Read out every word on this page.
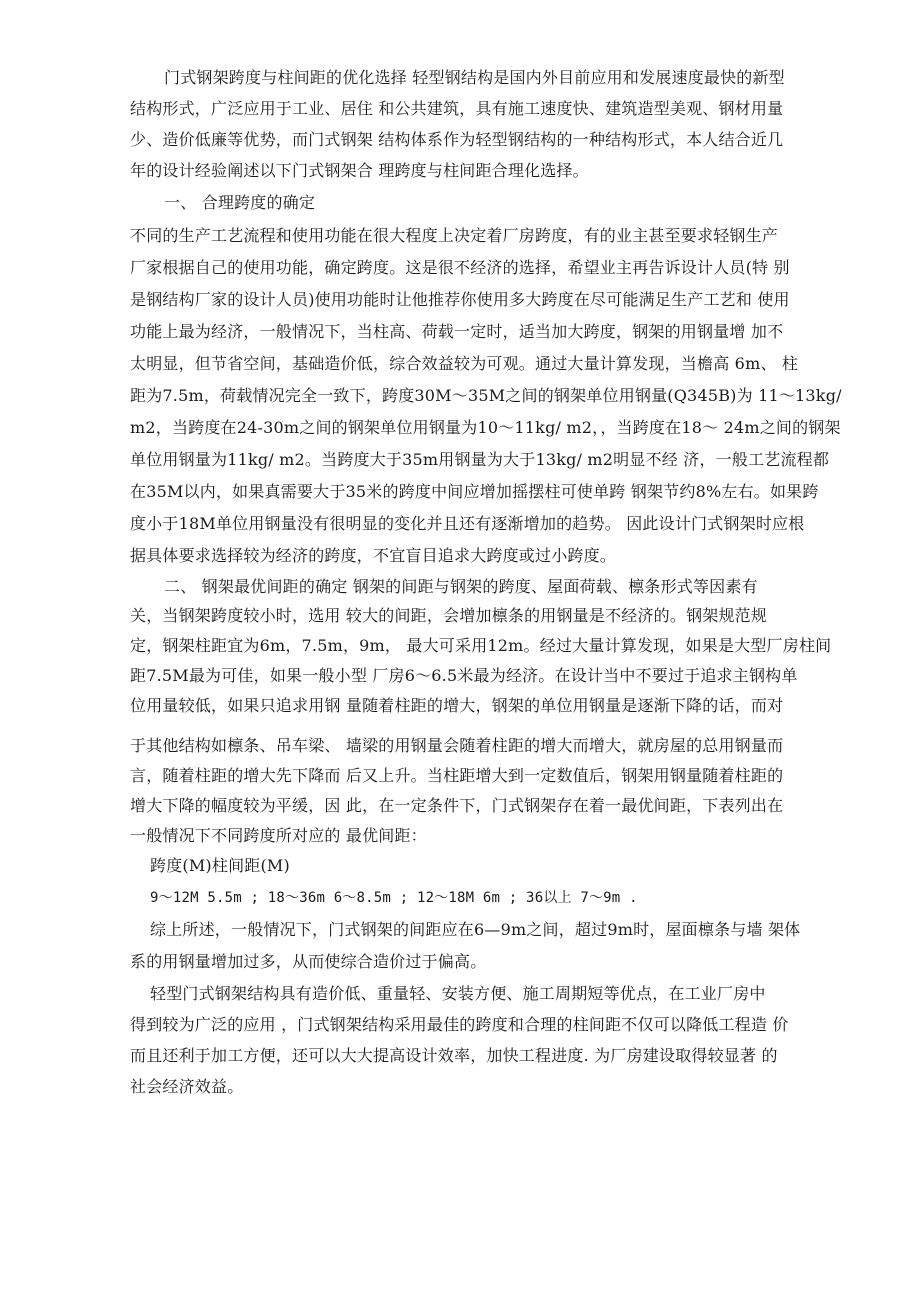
门式钢架跨度与柱间距的优化选择 轻型钢结构是国内外目前应用和发展速度最快的新型
结构形式，广泛应用于工业、居住 和公共建筑，具有施工速度快、建筑造型美观、钢材用量
少、造价低廉等优势，而门式钢架 结构体系作为轻型钢结构的一种结构形式，本人结合近几
年的设计经验阐述以下门式钢架合 理跨度与柱间距合理化选择。
一、 合理跨度的确定
不同的生产工艺流程和使用功能在很大程度上决定着厂房跨度，有的业主甚至要求轻钢生产
厂家根据自己的使用功能，确定跨度。这是很不经济的选择，希望业主再告诉设计人员(特 别
是钢结构厂家的设计人员)使用功能时让他推荐你使用多大跨度在尽可能满足生产工艺和 使用
功能上最为经济，一般情况下，当柱高、荷载一定时，适当加大跨度，钢架的用钢量增 加不
太明显，但节省空间，基础造价低，综合效益较为可观。通过大量计算发现，当檐高 6m、 柱
距为7.5m，荷载情况完全一致下，跨度30M～35M之间的钢架单位用钢量(Q345B)为 11～13kg/
m2，当跨度在24-30m之间的钢架单位用钢量为10～11kg/ m2，，当跨度在18～ 24m之间的钢架
单位用钢量为11kg/ m2。当跨度大于35m用钢量为大于13kg/ m2明显不经 济，一般工艺流程都
在35M以内，如果真需要大于35米的跨度中间应增加摇摆柱可使单跨 钢架节约8%左右。如果跨
度小于18M单位用钢量没有很明显的变化并且还有逐渐增加的趋势。 因此设计门式钢架时应根
据具体要求选择较为经济的跨度，不宜盲目追求大跨度或过小跨度。
二、 钢架最优间距的确定 钢架的间距与钢架的跨度、屋面荷载、檩条形式等因素有
关，当钢架跨度较小时，选用 较大的间距，会增加檩条的用钢量是不经济的。钢架规范规
定，钢架柱距宜为6m，7.5m，9m， 最大可采用12m。经过大量计算发现，如果是大型厂房柱间
距7.5M最为可佳，如果一般小型 厂房6～6.5米最为经济。在设计当中不要过于追求主钢构单
位用量较低，如果只追求用钢 量随着柱距的增大，钢架的单位用钢量是逐渐下降的话，而对
于其他结构如檩条、吊车梁、 墙梁的用钢量会随着柱距的增大而增大，就房屋的总用钢量而
言，随着柱距的增大先下降而 后又上升。当柱距增大到一定数值后，钢架用钢量随着柱距的
增大下降的幅度较为平缓，因 此，在一定条件下，门式钢架存在着一最优间距，下表列出在
一般情况下不同跨度所对应的 最优间距：
跨度(M)柱间距(M)
9～12M 5.5m ; 18～36m 6～8.5m ; 12～18M 6m ; 36以上 7～9m .
综上所述，一般情况下，门式钢架的间距应在6—9m之间，超过9m时，屋面檩条与墙 架体
系的用钢量增加过多，从而使综合造价过于偏高。
轻型门式钢架结构具有造价低、重量轻、安装方便、施工周期短等优点，在工业厂房中
得到较为广泛的应用 ，门式钢架结构采用最佳的跨度和合理的柱间距不仅可以降低工程造 价
而且还利于加工方便，还可以大大提高设计效率，加快工程进度. 为厂房建设取得较显著 的
社会经济效益。
